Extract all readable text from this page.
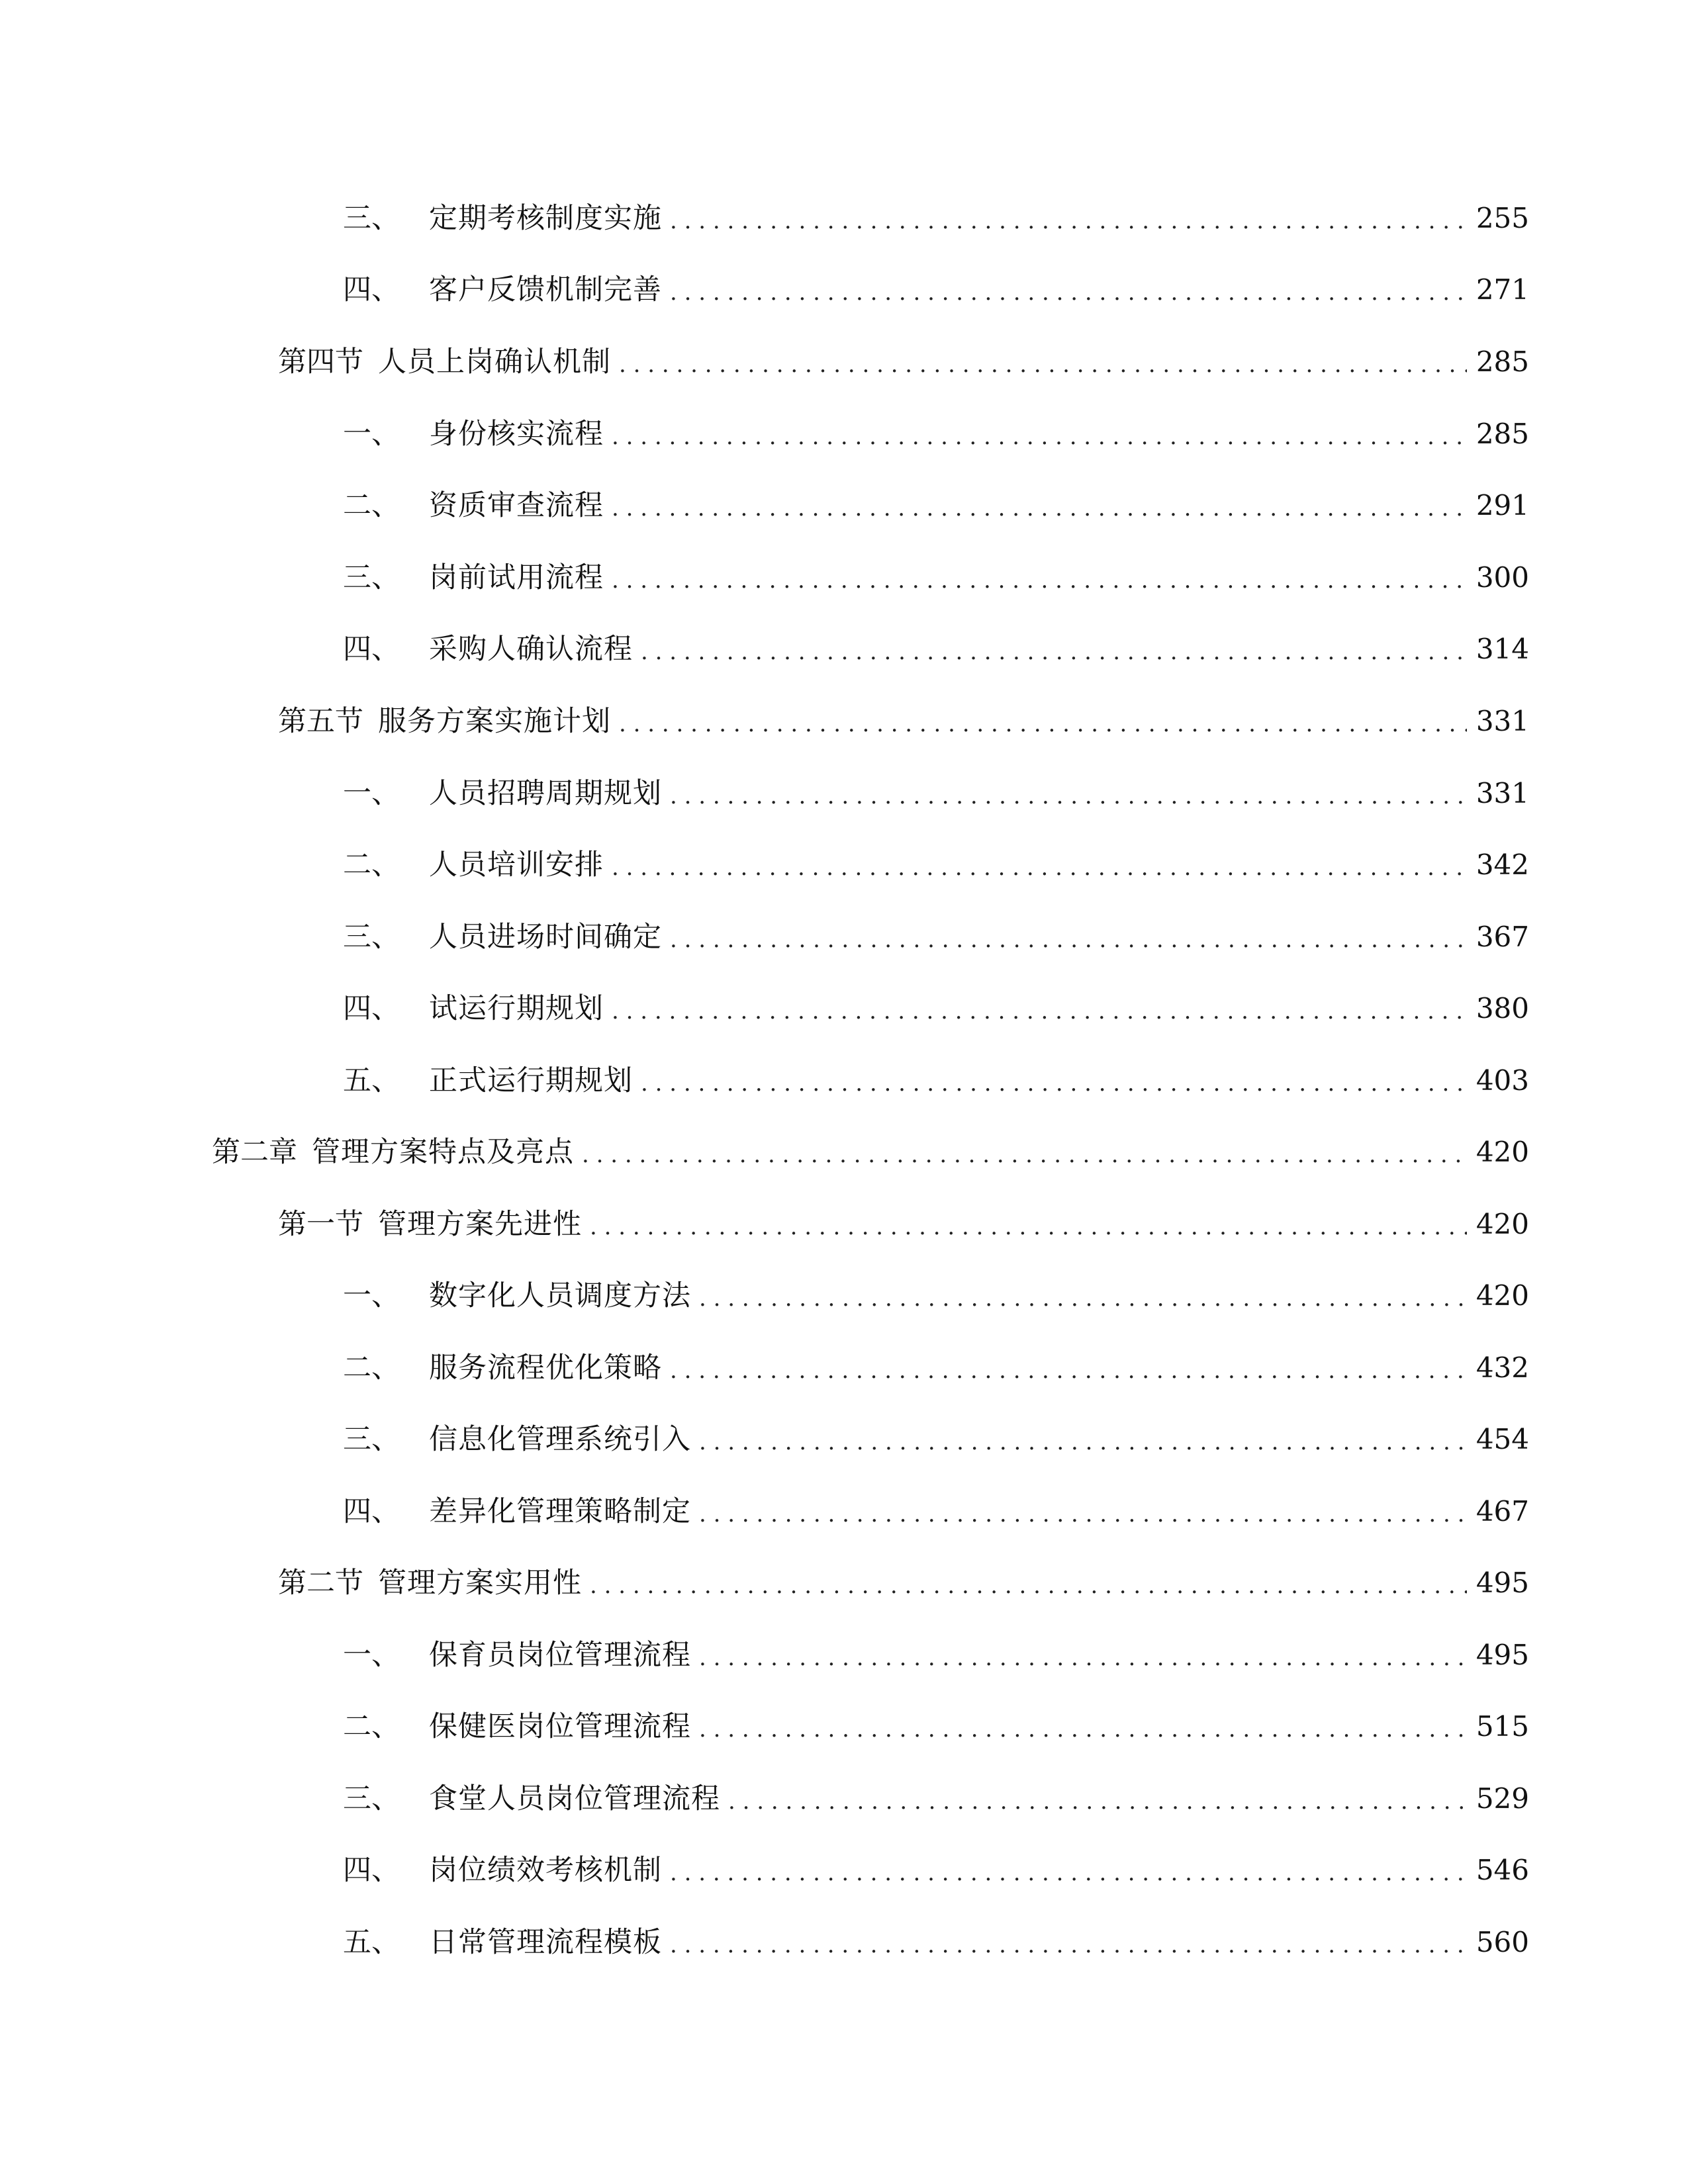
三、	定期考核制度实施 . . .	255
四、	客户反馈机制完善 . . .	271
第四节 人员上岗确认机制 . . .	285
一、	身份核实流程 . . .	285
二、	资质审查流程 . . .	291
三、	岗前试用流程 . . .	300
四、	采购人确认流程 . . .	314
第五节 服务方案实施计划 . . .	331
一、	人员招聘周期规划 . . .	331
二、	人员培训安排 . . .	342
三、	人员进场时间确定 . . .	367
四、	试运行期规划 . . .	380
五、	正式运行期规划 . . .	403
第二章 管理方案特点及亮点 . . .	420
第一节 管理方案先进性 . . .	420
一、	数字化人员调度方法 . . .	420
二、	服务流程优化策略 . . .	432
三、	信息化管理系统引入 . . .	454
四、	差异化管理策略制定 . . .	467
第二节 管理方案实用性 . . .	495
一、	保育员岗位管理流程 . . .	495
二、	保健医岗位管理流程 . . .	515
三、	食堂人员岗位管理流程 . . .	529
四、	岗位绩效考核机制 . . .	546
五、	日常管理流程模板 . . .	560
